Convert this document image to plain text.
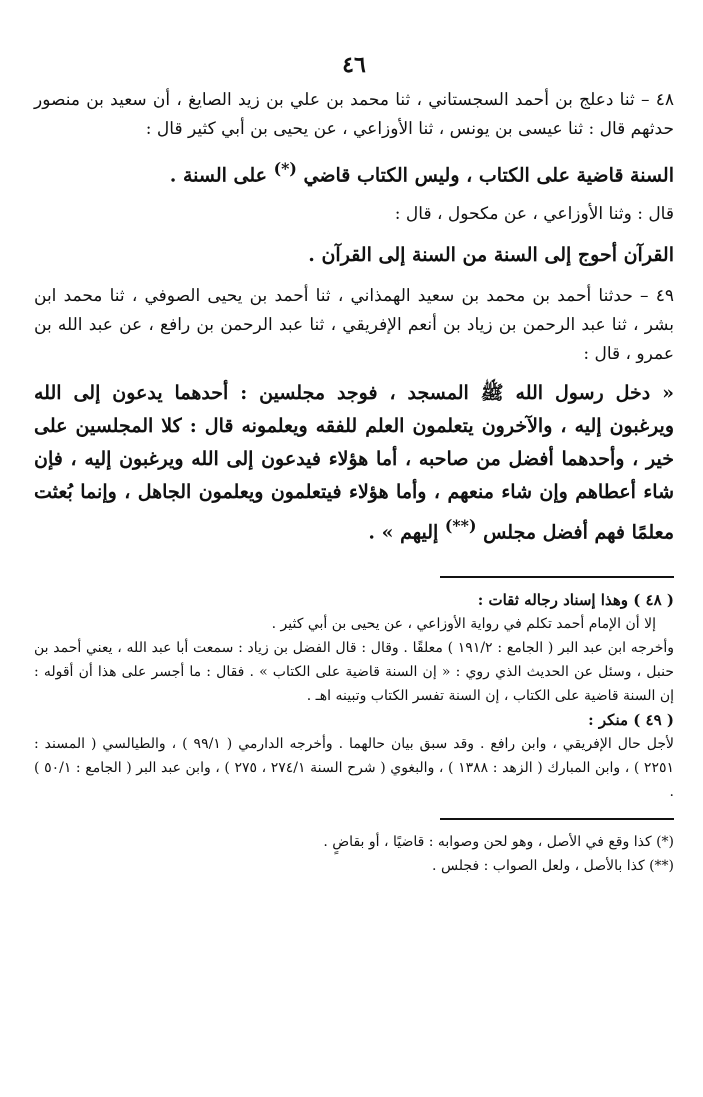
٤٦

٤٨ – ثنا دعلج بن أحمد السجستاني ، ثنا محمد بن علي بن زيد الصايغ ، أن سعيد بن منصور حدثهم قال : ثنا عيسى بن يونس ، ثنا الأوزاعي ، عن يحيى بن أبي كثير قال :

السنة قاضية على الكتاب ، وليس الكتاب قاضي (*) على السنة .

قال : وثنا الأوزاعي ، عن مكحول ، قال :

القرآن أحوج إلى السنة من السنة إلى القرآن .

٤٩ – حدثنا أحمد بن محمد بن سعيد الهمذاني ، ثنا أحمد بن يحيى الصوفي ، ثنا محمد ابن بشر ، ثنا عبد الرحمن بن زياد بن أنعم الإفريقي ، ثنا عبد الرحمن بن رافع ، عن عبد الله بن عمرو ، قال :

« دخل رسول الله ﷺ المسجد ، فوجد مجلسين : أحدهما يدعون إلى الله ويرغبون إليه ، والآخرون يتعلمون العلم للفقه ويعلمونه قال : كلا المجلسين على خير ، وأحدهما أفضل من صاحبه ، أما هؤلاء فيدعون إلى الله ويرغبون إليه ، فإن شاء أعطاهم وإن شاء منعهم ، وأما هؤلاء فيتعلمون ويعلمون الجاهل ، وإنما بُعثت معلمًا فهم أفضل مجلس (**) إليهم » .

( ٤٨ ) وهذا إسناد رجاله ثقات :

إلا أن الإمام أحمد تكلم في رواية الأوزاعي ، عن يحيى بن أبي كثير .

وأخرجه ابن عبد البر ( الجامع : ١٩١/٢ ) معلقًا . وقال : قال الفضل بن زياد : سمعت أبا عبد الله ، يعني أحمد بن حنبل ، وسئل عن الحديث الذي روي : « إن السنة قاضية على الكتاب » . فقال : ما أجسر على هذا أن أقوله : إن السنة قاضية على الكتاب ، إن السنة تفسر الكتاب وتبينه اهـ .

( ٤٩ ) منكر :

لأجل حال الإفريقي ، وابن رافع . وقد سبق بيان حالهما . وأخرجه الدارمي ( ٩٩/١ ) ، والطيالسي ( المسند : ٢٢٥١ ) ، وابن المبارك ( الزهد : ١٣٨٨ ) ، والبغوي ( شرح السنة ٢٧٤/١ ، ٢٧٥ ) ، وابن عبد البر ( الجامع : ٥٠/١ ) .

(*) كذا وقع في الأصل ، وهو لحن وصوابه : قاضيًا ، أو بقاضٍ .

(**) كذا بالأصل ، ولعل الصواب : فجلس .
